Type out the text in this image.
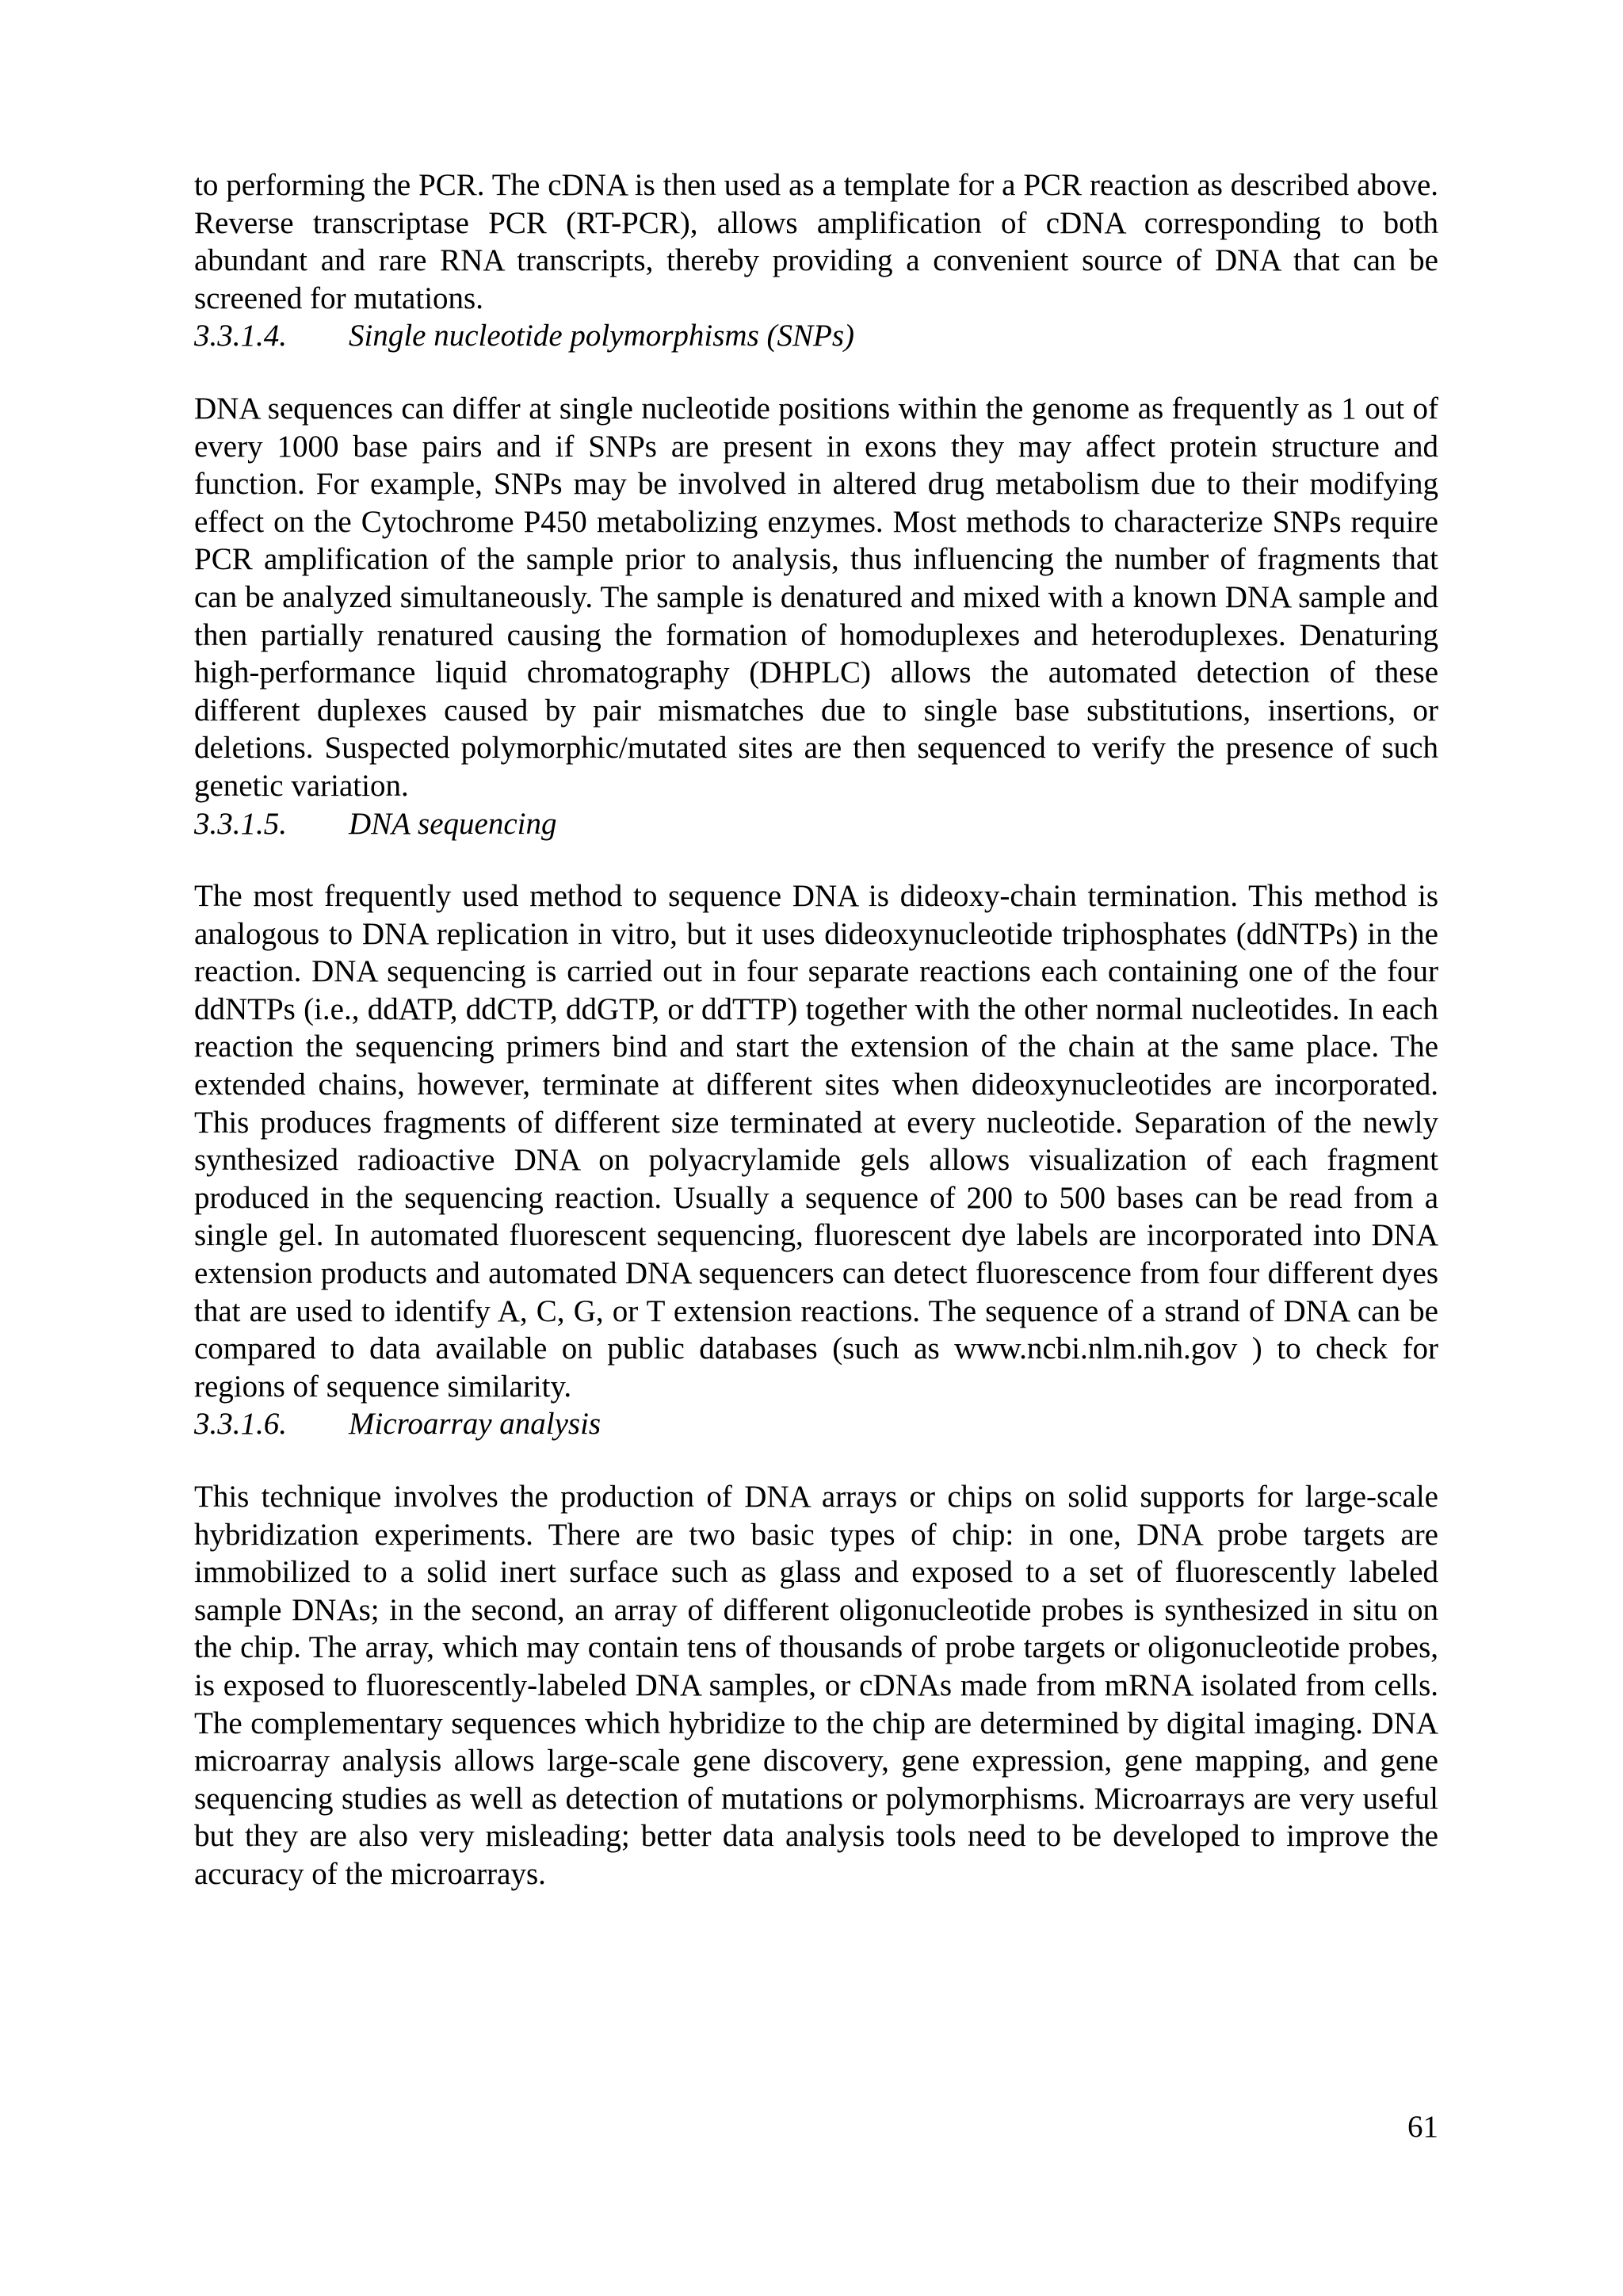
to performing the PCR. The cDNA is then used as a template for a PCR reaction as described above. Reverse transcriptase PCR (RT-PCR), allows amplification of cDNA corresponding to both abundant and rare RNA transcripts, thereby providing a convenient source of DNA that can be screened for mutations.

3.3.1.4.	Single nucleotide polymorphisms (SNPs)

DNA sequences can differ at single nucleotide positions within the genome as frequently as 1 out of every 1000 base pairs and if SNPs are present in exons they may affect protein structure and function. For example, SNPs may be involved in altered drug metabolism due to their modifying effect on the Cytochrome P450 metabolizing enzymes. Most methods to characterize SNPs require PCR amplification of the sample prior to analysis, thus influencing the number of fragments that can be analyzed simultaneously. The sample is denatured and mixed with a known DNA sample and then partially renatured causing the formation of homoduplexes and heteroduplexes. Denaturing high-performance liquid chromatography (DHPLC) allows the automated detection of these different duplexes caused by pair mismatches due to single base substitutions, insertions, or deletions. Suspected polymorphic/mutated sites are then sequenced to verify the presence of such genetic variation.

3.3.1.5.	DNA sequencing

The most frequently used method to sequence DNA is dideoxy-chain termination. This method is analogous to DNA replication in vitro, but it uses dideoxynucleotide triphosphates (ddNTPs) in the reaction. DNA sequencing is carried out in four separate reactions each containing one of the four ddNTPs (i.e., ddATP, ddCTP, ddGTP, or ddTTP) together with the other normal nucleotides. In each reaction the sequencing primers bind and start the extension of the chain at the same place. The extended chains, however, terminate at different sites when dideoxynucleotides are incorporated. This produces fragments of different size terminated at every nucleotide. Separation of the newly synthesized radioactive DNA on polyacrylamide gels allows visualization of each fragment produced in the sequencing reaction. Usually a sequence of 200 to 500 bases can be read from a single gel. In automated fluorescent sequencing, fluorescent dye labels are incorporated into DNA extension products and automated DNA sequencers can detect fluorescence from four different dyes that are used to identify A, C, G, or T extension reactions. The sequence of a strand of DNA can be compared to data available on public databases (such as www.ncbi.nlm.nih.gov ) to check for regions of sequence similarity.

3.3.1.6.	Microarray analysis

This technique involves the production of DNA arrays or chips on solid supports for large-scale hybridization experiments. There are two basic types of chip: in one, DNA probe targets are immobilized to a solid inert surface such as glass and exposed to a set of fluorescently labeled sample DNAs; in the second, an array of different oligonucleotide probes is synthesized in situ on the chip. The array, which may contain tens of thousands of probe targets or oligonucleotide probes, is exposed to fluorescently-labeled DNA samples, or cDNAs made from mRNA isolated from cells. The complementary sequences which hybridize to the chip are determined by digital imaging. DNA microarray analysis allows large-scale gene discovery, gene expression, gene mapping, and gene sequencing studies as well as detection of mutations or polymorphisms. Microarrays are very useful but they are also very misleading; better data analysis tools need to be developed to improve the accuracy of the microarrays.

61
